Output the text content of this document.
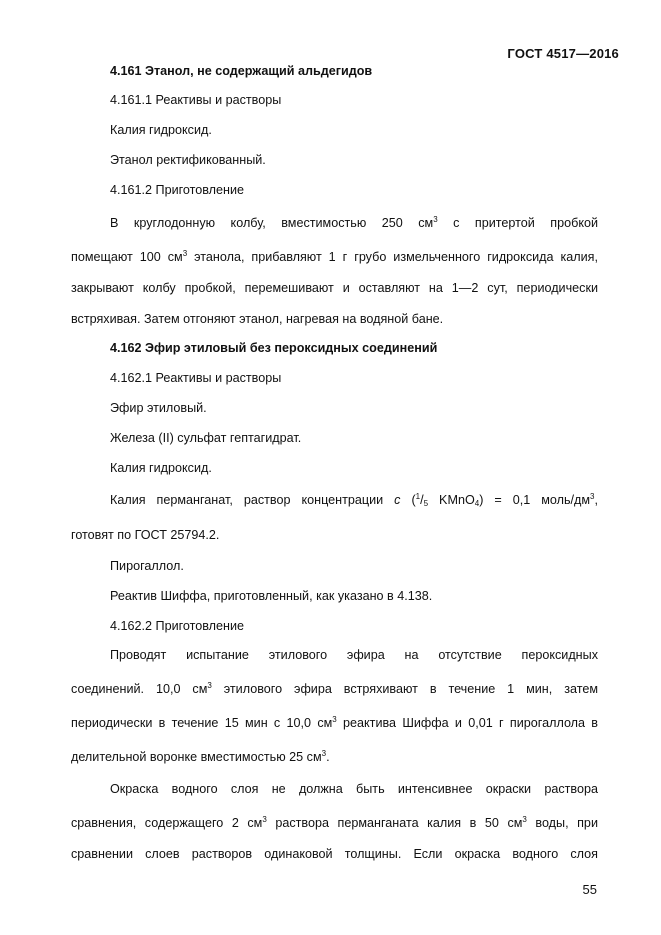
ГОСТ 4517—2016

4.161 Этанол, не содержащий альдегидов

4.161.1 Реактивы и растворы

Калия гидроксид.

Этанол ректификованный.

4.161.2 Приготовление

В круглодонную колбу, вместимостью 250 $см^3$ с притертой пробкой

помещают 100 $см^3$ этанола, прибавляют 1 г грубо измельченного гидроксида калия,

закрывают колбу пробкой, перемешивают и оставляют на 1—2 сут, периодически

встряхивая. Затем отгоняют этанол, нагревая на водяной бане.

4.162 Эфир этиловый без пероксидных соединений

4.162.1 Реактивы и растворы

Эфир этиловый.

Железа (II) сульфат гептагидрат.

Калия гидроксид.

Калия перманганат, раствор концентрации c ($^1/_5$ KMnO$_4$) = 0,1 моль/$дм^3$,

готовят по ГОСТ 25794.2.

Пирогаллол.

Реактив Шиффа, приготовленный, как указано в 4.138.

4.162.2 Приготовление

Проводят испытание этилового эфира на отсутствие пероксидных

соединений. 10,0 $см^3$ этилового эфира встряхивают в течение 1 мин, затем

периодически в течение 15 мин с 10,0 $см^3$ реактива Шиффа и 0,01 г пирогаллола в

делительной воронке вместимостью 25 $см^3$.

Окраска водного слоя не должна быть интенсивнее окраски раствора

сравнения, содержащего 2 $см^3$ раствора перманганата калия в 50 $см^3$ воды, при

сравнении слоев растворов одинаковой толщины. Если окраска водного слоя

55
